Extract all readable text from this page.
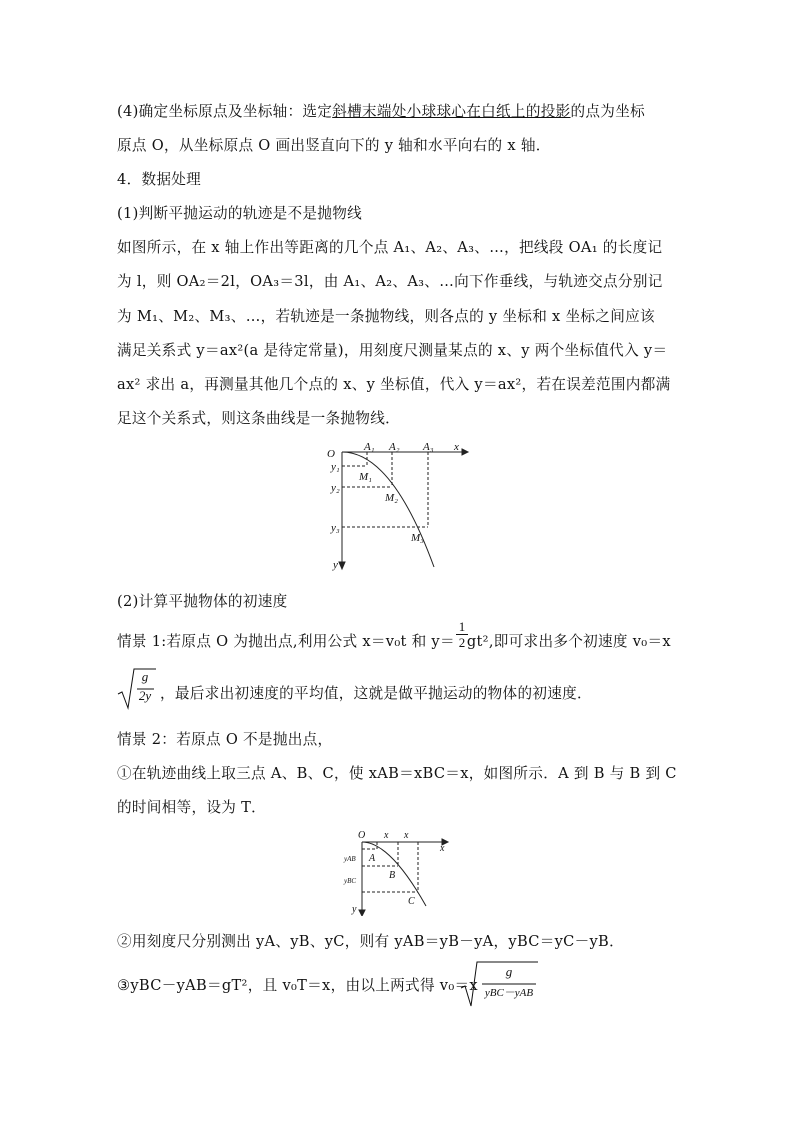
(4)确定坐标原点及坐标轴：选定斜槽末端处小球球心在白纸上的投影的点为坐标
原点 O，从坐标原点 O 画出竖直向下的 y 轴和水平向右的 x 轴．
4．数据处理
(1)判断平抛运动的轨迹是不是抛物线
如图所示，在 x 轴上作出等距离的几个点 A₁、A₂、A₃、…，把线段 OA₁ 的长度记
为 l，则 OA₂＝2l，OA₃＝3l，由 A₁、A₂、A₃、…向下作垂线，与轨迹交点分别记
为 M₁、M₂、M₃、…，若轨迹是一条抛物线，则各点的 y 坐标和 x 坐标之间应该
满足关系式 y＝ax²(a 是待定常量)，用刻度尺测量某点的 x、y 两个坐标值代入 y＝
ax² 求出 a，再测量其他几个点的 x、y 坐标值，代入 y＝ax²，若在误差范围内都满
足这个关系式，则这条曲线是一条抛物线．
O
x
y
A₁ A₂ A₃
y₁
y₂
y₃
M₁
M₂
M₃
(2)计算平抛物体的初速度
情景 1:若原点 O 为抛出点,利用公式 x＝v₀t 和 y＝ gt²,即可求出多个初速度 v₀＝x
$\frac{1}{2}$
g
2y ，最后求出初速度的平均值，这就是做平抛运动的物体的初速度．
情景 2：若原点 O 不是抛出点，
①在轨迹曲线上取三点 A、B、C，使 xAB＝xBC＝x，如图所示．A 到 B 与 B 到 C
的时间相等，设为 T．
O x x
x
y
yAB
yBC
A
B
C
②用刻度尺分别测出 yA、yB、yC，则有 yAB＝yB－yA，yBC＝yC－yB．
③yBC－yAB＝gT²，且 v₀T＝x，由以上两式得 v₀＝x
g
yBC－yAB
